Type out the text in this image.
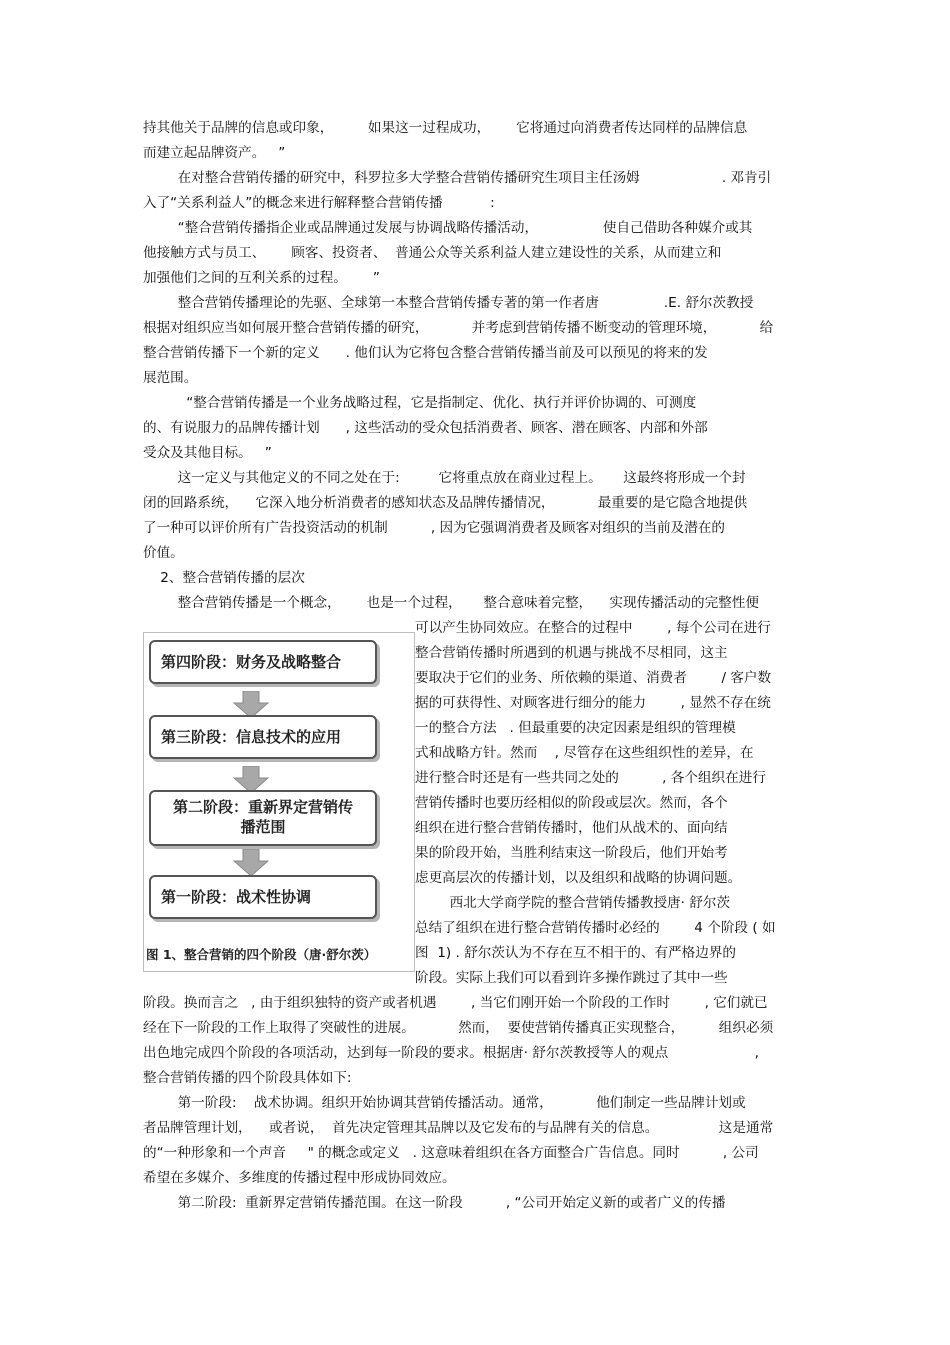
持其他关于品牌的信息或印象，        如果这一过程成功，      它将通过向消费者传达同样的品牌信息
而建立起品牌资产。   ”
在对整合营销传播的研究中，科罗拉多大学整合营销传播研究生项目主任汤姆                   . 邓肯引
入了“关系利益人”的概念来进行解释整合营销传播           :
“整合营销传播指企业或品牌通过发展与协调战略传播活动，               使自己借助各种媒介或其
他接触方式与员工、      顾客、投资者、  普通公众等关系利益人建立建设性的关系，从而建立和
加强他们之间的互利关系的过程。      ”
整合营销传播理论的先驱、全球第一本整合营销传播专著的第一作者唐               .E. 舒尔茨教授
根据对组织应当如何展开整合营销传播的研究，          并考虑到营销传播不断变动的管理环境，          给
整合营销传播下一个新的定义      . 他们认为它将包含整合营销传播当前及可以预见的将来的发
展范围。
“整合营销传播是一个业务战略过程，它是指制定、优化、执行并评价协调的、可测度
的、有说服力的品牌传播计划      , 这些活动的受众包括消费者、顾客、潜在顾客、内部和外部
受众及其他目标。   ”
这一定义与其他定义的不同之处在于:         它将重点放在商业过程上。     这最终将形成一个封
闭的回路系统，    它深入地分析消费者的感知状态及品牌传播情况，          最重要的是它隐含地提供
了一种可以评价所有广告投资活动的机制          , 因为它强调消费者及顾客对组织的当前及潜在的
价值。
2、整合营销传播的层次
整合营销传播是一个概念，      也是一个过程，     整合意味着完整，    实现传播活动的完整性便
可以产生协同效应。在整合的过程中        , 每个公司在进行
整合营销传播时所遇到的机遇与挑战不尽相同，这主
要取决于它们的业务、所依赖的渠道、消费者        / 客户数
据的可获得性、对顾客进行细分的能力        , 显然不存在统
一的整合方法   . 但最重要的决定因素是组织的管理模
式和战略方针。然而    , 尽管存在这些组织性的差异，在
进行整合时还是有一些共同之处的          , 各个组织在进行
营销传播时也要历经相似的阶段或层次。然而，各个
组织在进行整合营销传播时，他们从战术的、面向结
果的阶段开始，当胜利结束这一阶段后，他们开始考
虑更高层次的传播计划，以及组织和战略的协调问题。
西北大学商学院的整合营销传播教授唐· 舒尔茨
总结了组织在进行整合营销传播时必经的        4 个阶段 ( 如
图  1) . 舒尔茨认为不存在互不相干的、有严格边界的
阶段。实际上我们可以看到许多操作跳过了其中一些
第四阶段：财务及战略整合
第三阶段：信息技术的应用
第二阶段：重新界定营销传
播范围
第一阶段：战术性协调
图 1、整合营销的四个阶段（唐·舒尔茨）
阶段。换而言之   , 由于组织独特的资产或者机遇        , 当它们刚开始一个阶段的工作时        , 它们就已
经在下一阶段的工作上取得了突破性的进展。          然而，  要使营销传播真正实现整合，        组织必须
出色地完成四个阶段的各项活动，达到每一阶段的要求。根据唐· 舒尔茨教授等人的观点                    ,
整合营销传播的四个阶段具体如下:
第一阶段:    战术协调。组织开始协调其营销传播活动。通常，          他们制定一些品牌计划或
者品牌管理计划，    或者说，  首先决定管理其品牌以及它发布的与品牌有关的信息。              这是通常
的“一种形象和一个声音     " 的概念或定义   . 这意味着组织在各方面整合广告信息。同时          , 公司
希望在多媒介、多维度的传播过程中形成协同效应。
第二阶段:  重新界定营销传播范围。在这一阶段          , “公司开始定义新的或者广义的传播
